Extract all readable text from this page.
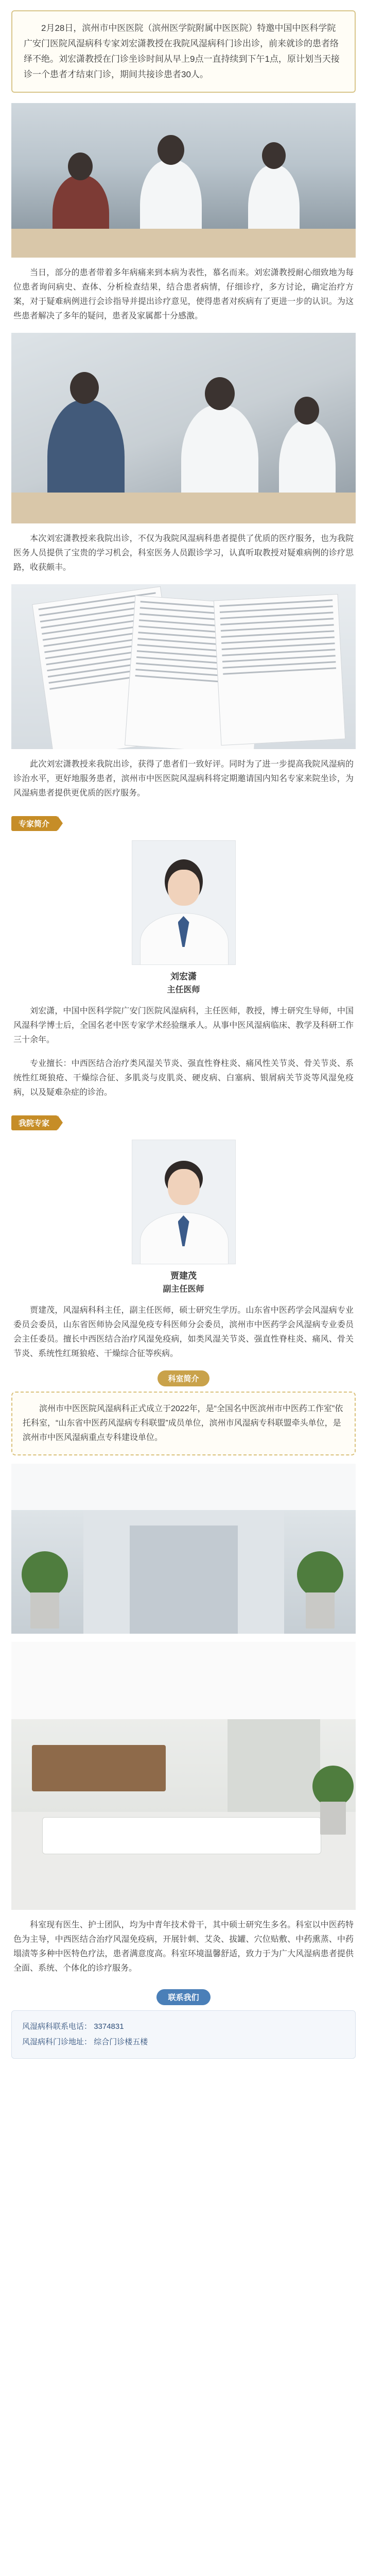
2月28日，滨州市中医医院（滨州医学院附属中医医院）特邀中国中医科学院广安门医院风湿病科专家刘宏潇教授在我院风湿病科门诊出诊，前来就诊的患者络绎不绝。刘宏潇教授在门诊坐诊时间从早上9点一直持续到下午1点，原计划当天接诊一个患者才结束门诊，期间共接诊患者30人。

当日，部分的患者带着多年病痛来到本病为表性，慕名而来。刘宏潇教授耐心细致地为每位患者询问病史、查体、分析检查结果，结合患者病情，仔细诊疗，多方讨论，确定治疗方案，对于疑难病例进行会诊指导并提出诊疗意见，使得患者对疾病有了更进一步的认识。为这些患者解决了多年的疑问，患者及家属都十分感激。

本次刘宏潇教授来我院出诊，不仅为我院风湿病科患者提供了优质的医疗服务，也为我院医务人员提供了宝贵的学习机会，科室医务人员跟诊学习，认真听取教授对疑难病例的诊疗思路，收获颇丰。

此次刘宏潇教授来我院出诊，获得了患者们一致好评。同时为了进一步提高我院风湿病的诊治水平，更好地服务患者，滨州市中医医院风湿病科将定期邀请国内知名专家来院坐诊，为风湿病患者提供更优质的医疗服务。

专家简介
刘宏潇
主任医师

刘宏潇，中国中医科学院广安门医院风湿病科，主任医师，教授，博士研究生导师，中国风湿科学博士后，全国名老中医专家学术经验继承人。从事中医风湿病临床、教学及科研工作三十余年。

专业擅长：中西医结合治疗类风湿关节炎、强直性脊柱炎、痛风性关节炎、骨关节炎、系统性红斑狼疮、干燥综合征、多肌炎与皮肌炎、硬皮病、白塞病、银屑病关节炎等风湿免疫病，以及疑难杂症的诊治。

我院专家
贾建茂
副主任医师

贾建茂，风湿病科科主任，副主任医师，硕士研究生学历。山东省中医药学会风湿病专业委员会委员，山东省医师协会风湿免疫专科医师分会委员，滨州市中医药学会风湿病专业委员会主任委员。擅长中西医结合治疗风湿免疫病，如类风湿关节炎、强直性脊柱炎、痛风、骨关节炎、系统性红斑狼疮、干燥综合征等疾病。

科室简介
滨州市中医医院风湿病科正式成立于2022年，是“全国名中医滨州市中医药工作室”依托科室，“山东省中医药风湿病专科联盟”成员单位，滨州市风湿病专科联盟牵头单位，是滨州市中医风湿病重点专科建设单位。

科室现有医生、护士团队，均为中青年技术骨干，其中硕士研究生多名。科室以中医药特色为主导，中西医结合治疗风湿免疫病，开展针刺、艾灸、拔罐、穴位贴敷、中药熏蒸、中药塌渍等多种中医特色疗法，患者满意度高。科室环境温馨舒适，致力于为广大风湿病患者提供全面、系统、个体化的诊疗服务。

联系我们
风湿病科联系电话： 3374831
风湿病科门诊地址： 综合门诊楼五楼
